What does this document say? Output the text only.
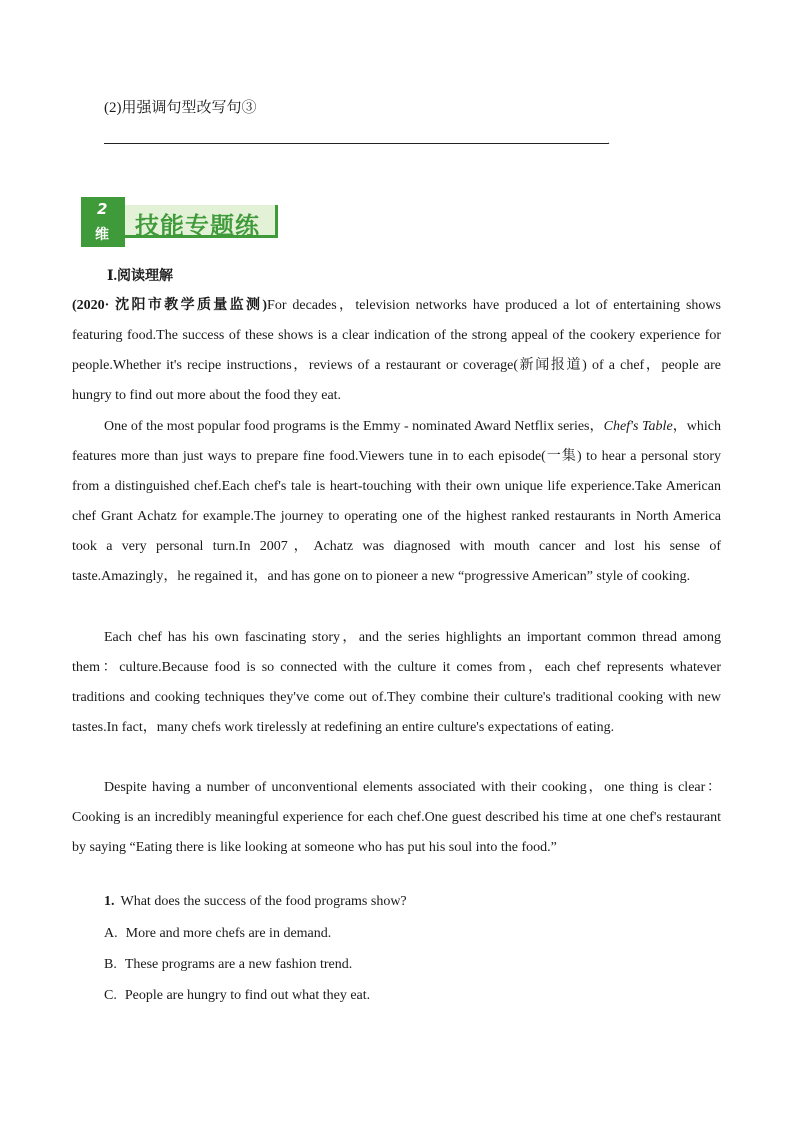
(2)用强调句型改写句③
.
2
维 技能专题练
Ⅰ.阅读理解

(2020· 沈阳市教学质量监测)For decades，television networks have produced a lot of entertaining shows featuring food.The success of these shows is a clear indication of the strong appeal of the cookery experience for people.Whether it's recipe instructions，reviews of a restaurant or coverage(新闻报道) of a chef，people are hungry to find out more about the food they eat.

One of the most popular food programs is the Emmy - nominated Award Netflix series，Chef's Table，which features more than just ways to prepare fine food.Viewers tune in to each episode(一集) to hear a personal story from a distinguished chef.Each chef's tale is heart-touching with their own unique life experience.Take American chef Grant Achatz for example.The journey to operating one of the highest ranked restaurants in North America took a very personal turn.In 2007，Achatz was diagnosed with mouth cancer and lost his sense of taste.Amazingly，he regained it，and has gone on to pioneer a new “progressive American” style of cooking.

Each chef has his own fascinating story，and the series highlights an important common thread among them：culture.Because food is so connected with the culture it comes from，each chef represents whatever traditions and cooking techniques they've come out of.They combine their culture's traditional cooking with new tastes.In fact，many chefs work tirelessly at redefining an entire culture's expectations of eating.

Despite having a number of unconventional elements associated with their cooking，one thing is clear：Cooking is an incredibly meaningful experience for each chef.One guest described his time at one chef's restaurant by saying “Eating there is like looking at someone who has put his soul into the food.”

1. What does the success of the food programs show?
A. More and more chefs are in demand.
B. These programs are a new fashion trend.
C. People are hungry to find out what they eat.
